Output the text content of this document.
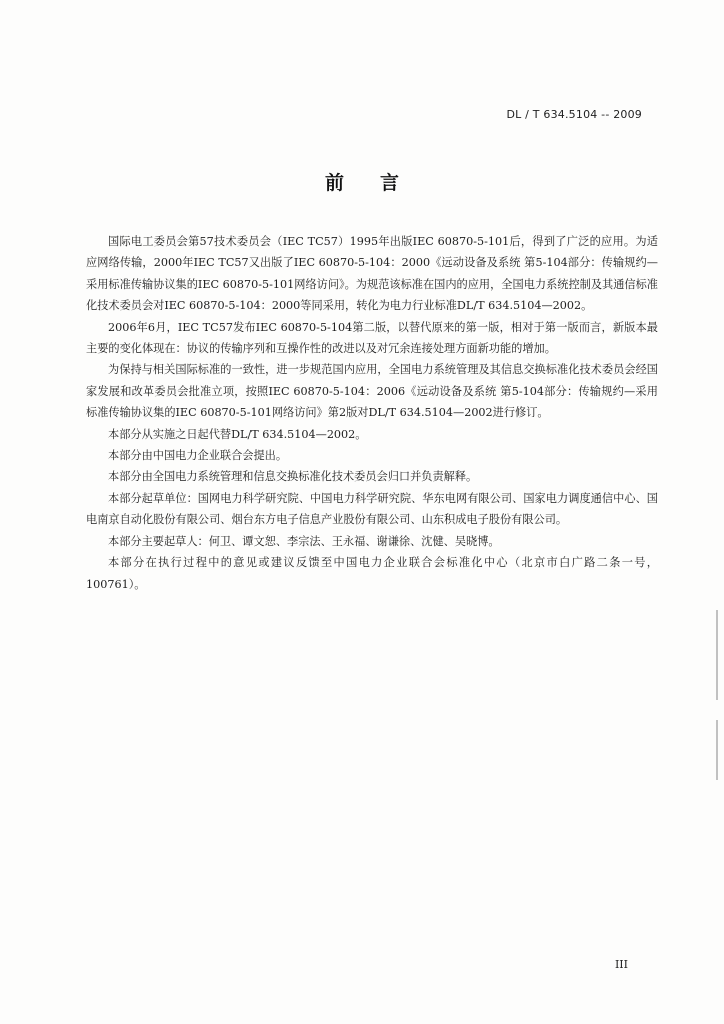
DL / T 634.5104 -- 2009
前言

国际电工委员会第57技术委员会（IEC TC57）1995年出版IEC 60870-5-101后，得到了广泛的应用。为适应网络传输，2000年IEC TC57又出版了IEC 60870-5-104：2000《远动设备及系统 第5-104部分：传输规约—采用标准传输协议集的IEC 60870-5-101网络访问》。为规范该标准在国内的应用，全国电力系统控制及其通信标准化技术委员会对IEC 60870-5-104：2000等同采用，转化为电力行业标准DL/T 634.5104—2002。

2006年6月，IEC TC57发布IEC 60870-5-104第二版，以替代原来的第一版，相对于第一版而言，新版本最主要的变化体现在：协议的传输序列和互操作性的改进以及对冗余连接处理方面新功能的增加。

为保持与相关国际标准的一致性，进一步规范国内应用，全国电力系统管理及其信息交换标准化技术委员会经国家发展和改革委员会批准立项，按照IEC 60870-5-104：2006《远动设备及系统 第5-104部分：传输规约—采用标准传输协议集的IEC 60870-5-101网络访问》第2版对DL/T 634.5104—2002进行修订。

本部分从实施之日起代替DL/T 634.5104—2002。

本部分由中国电力企业联合会提出。

本部分由全国电力系统管理和信息交换标准化技术委员会归口并负责解释。

本部分起草单位：国网电力科学研究院、中国电力科学研究院、华东电网有限公司、国家电力调度通信中心、国电南京自动化股份有限公司、烟台东方电子信息产业股份有限公司、山东积成电子股份有限公司。

本部分主要起草人：何卫、谭文恕、李宗法、王永福、谢谦徐、沈健、吴晓博。

本部分在执行过程中的意见或建议反馈至中国电力企业联合会标准化中心（北京市白广路二条一号，100761）。

III
